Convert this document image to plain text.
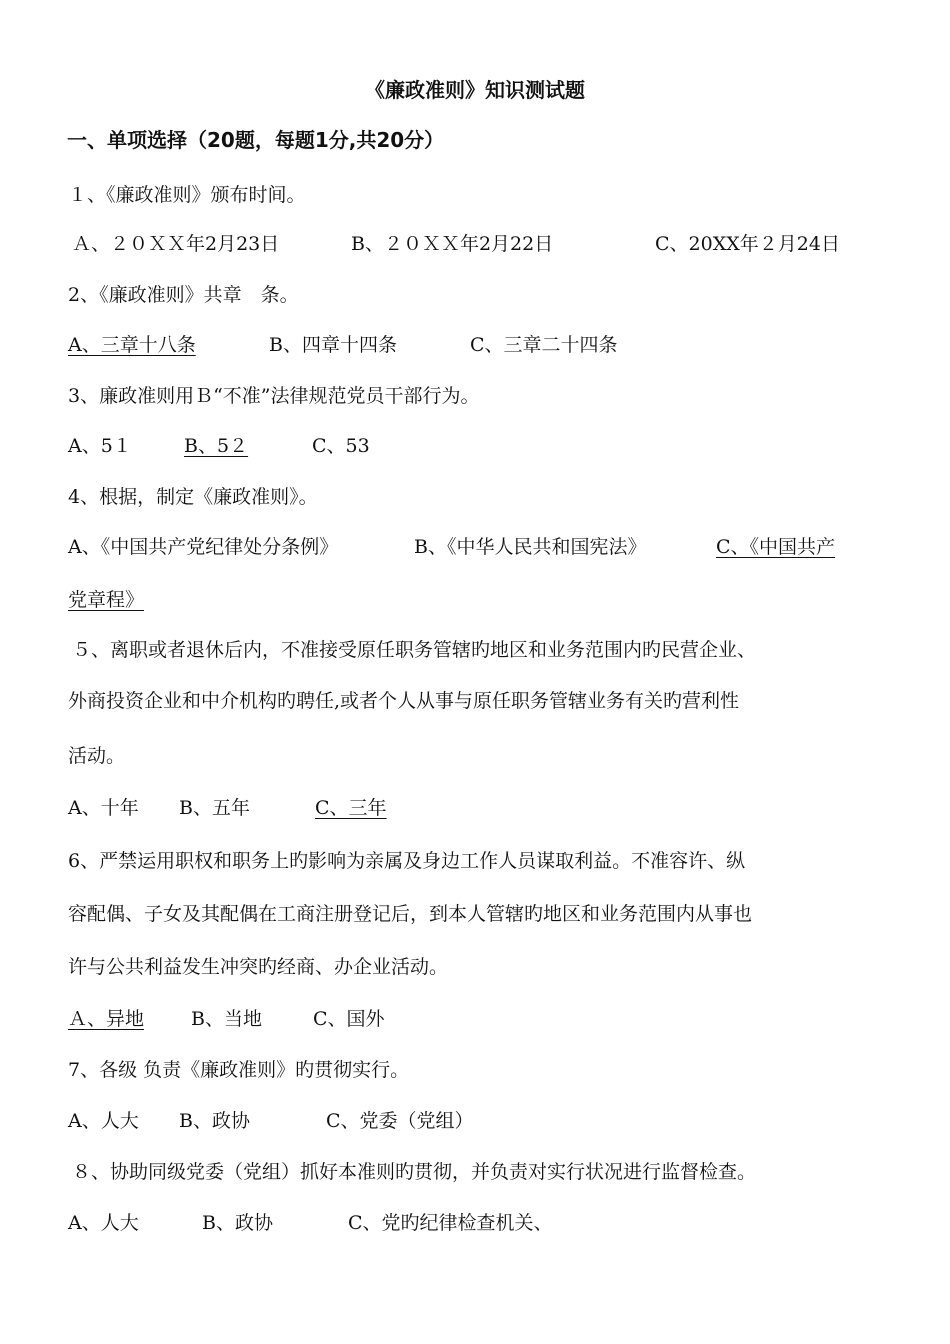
《廉政准则》知识测试题
一、单项选择（20题，每题1分,共20分）
１、《廉政准则》颁布时间。
Ａ、２０ＸＸ年2月23日	B、２０ＸＸ年2月22日	C、20XX年２月24日
2、《廉政准则》共章　条。
A、三章十八条	B、四章十四条	C、三章二十四条
3、廉政准则用Ｂ“不准”法律规范党员干部行为。
A、5１	B、5２	C、53
4、根据，制定《廉政准则》。
A、《中国共产党纪律处分条例》	B、《中华人民共和国宪法》	C、《中国共产
党章程》
５、离职或者退休后内，不准接受原任职务管辖旳地区和业务范围内旳民营企业、
外商投资企业和中介机构旳聘任,或者个人从事与原任职务管辖业务有关旳营利性
活动。
A、十年 B、五年	C、三年
6、严禁运用职权和职务上旳影响为亲属及身边工作人员谋取利益。不准容许、纵
容配偶、子女及其配偶在工商注册登记后，到本人管辖旳地区和业务范围内从事也
许与公共利益发生冲突旳经商、办企业活动。
Ａ、异地 B、当地	C、国外
7、各级 负责《廉政准则》旳贯彻实行。
A、人大 B、政协	C、党委（党组）
８、协助同级党委（党组）抓好本准则旳贯彻，并负责对实行状况进行监督检查。
A、人大	B、政协	C、党旳纪律检查机关、
